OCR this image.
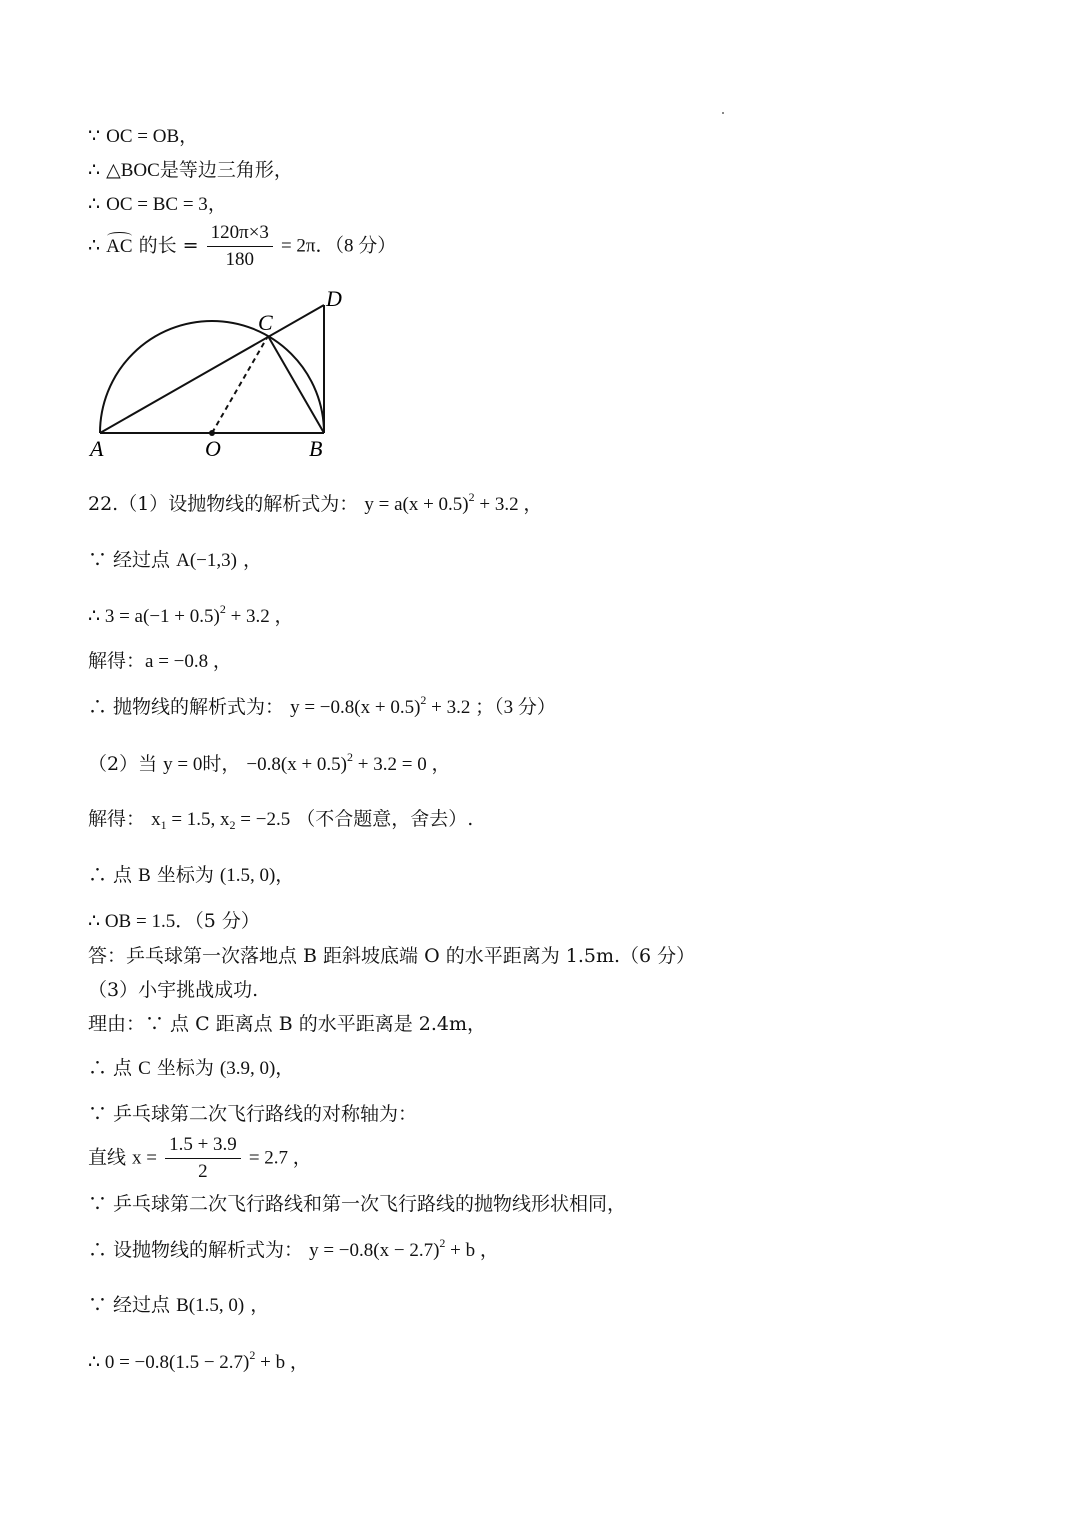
∵ OC = OB，
∴ △BOC是等边三角形，
∴ OC = BC = 3，
∴ AC 的长 = $\frac{120\pi\times 3}{180} = 2\pi$．（8 分）
A	O	B
C
D
22.（1）设抛物线的解析式为： $y = a(x + 0.5)^2 + 3.2$ ，
∵ 经过点 A(−1,3) ，
∴ $3 = a(-1 + 0.5)^2 + 3.2$ ，
解得：a = −0.8 ，
∴ 抛物线的解析式为： $y = -0.8(x + 0.5)^2 + 3.2$ ；（3 分）
（2）当 y = 0时， $-0.8(x + 0.5)^2 + 3.2 = 0$ ，
解得： $x_1 = 1.5$, $x_2 = -2.5$ （不合题意，舍去）.
∴ 点 B 坐标为 (1.5, 0)，
∴ OB = 1.5．（5 分）
答：乒乓球第一次落地点 B 距斜坡底端 O 的水平距离为 1.5m.（6 分）
（3）小宇挑战成功.
理由：∵ 点 C 距离点 B 的水平距离是 2.4m，
∴ 点 C 坐标为 (3.9, 0)，
∵ 乒乓球第二次飞行路线的对称轴为：
直线 $x = \frac{1.5 + 3.9}{2} = 2.7$ ，
∵ 乒乓球第二次飞行路线和第一次飞行路线的抛物线形状相同，
∴ 设抛物线的解析式为： $y = -0.8(x - 2.7)^2 + b$ ，
∵ 经过点 B(1.5, 0) ，
∴ $0 = -0.8(1.5 - 2.7)^2 + b$ ，
